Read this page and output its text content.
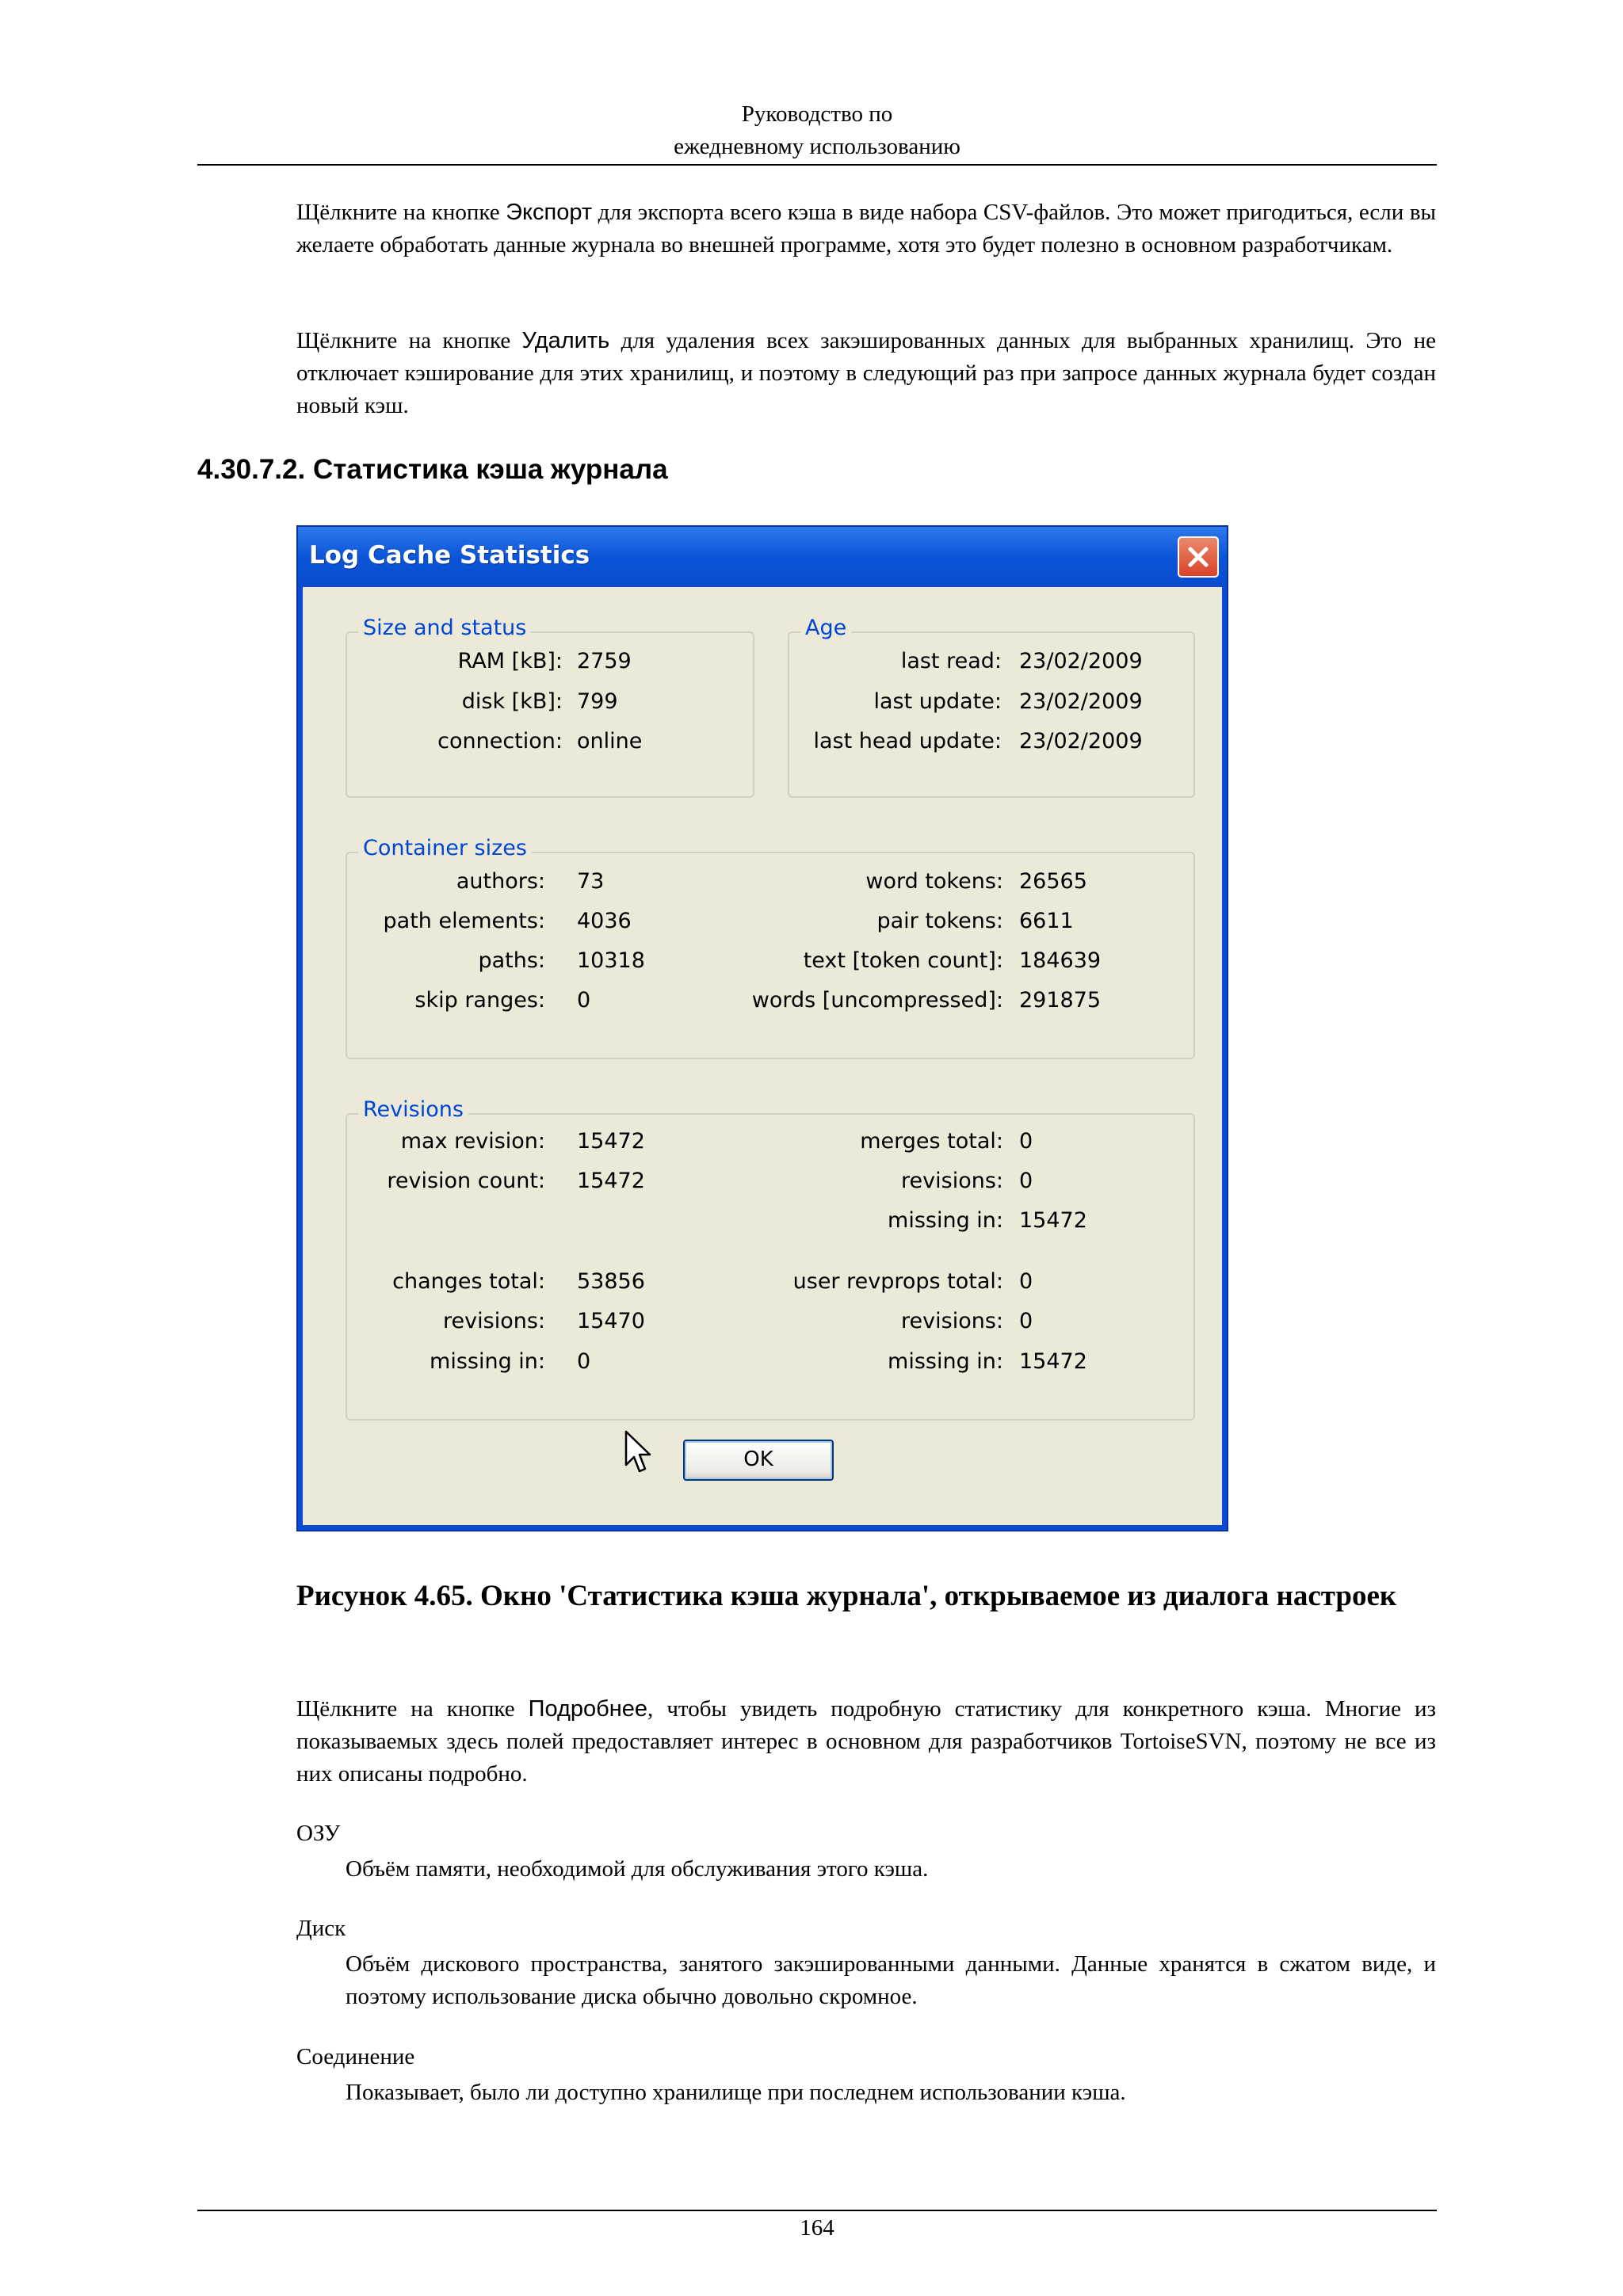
Руководство по
ежедневному использованию

Щёлкните на кнопке Экспорт для экспорта всего кэша в виде набора CSV-файлов. Это может пригодиться, если вы желаете обработать данные журнала во внешней программе, хотя это будет полезно в основном разработчикам.

Щёлкните на кнопке Удалить для удаления всех закэшированных данных для выбранных хранилищ. Это не отключает кэширование для этих хранилищ, и поэтому в следующий раз при запросе данных журнала будет создан новый кэш.

4.30.7.2. Статистика кэша журнала
Log Cache Statistics
Size and status
RAM [kB]: 2759
disk [kB]: 799
connection: online
Age
last read: 23/02/2009
last update: 23/02/2009
last head update: 23/02/2009
Container sizes
authors: 73
path elements: 4036
paths: 10318
skip ranges: 0
word tokens: 26565
pair tokens: 6611
text [token count]: 184639
words [uncompressed]: 291875
Revisions
max revision: 15472
revision count: 15472
merges total: 0
revisions: 0
missing in: 15472
changes total: 53856
revisions: 15470
missing in: 0
user revprops total: 0
revisions: 0
missing in: 15472
OK
Рисунок 4.65. Окно 'Статистика кэша журнала', открываемое из диалога настроек

Щёлкните на кнопке Подробнее, чтобы увидеть подробную статистику для конкретного кэша. Многие из показываемых здесь полей предоставляет интерес в основном для разработчиков TortoiseSVN, поэтому не все из них описаны подробно.

ОЗУ
Объём памяти, необходимой для обслуживания этого кэша.
Диск
Объём дискового пространства, занятого закэшированными данными. Данные хранятся в сжатом виде, и поэтому использование диска обычно довольно скромное.
Соединение
Показывает, было ли доступно хранилище при последнем использовании кэша.
164
